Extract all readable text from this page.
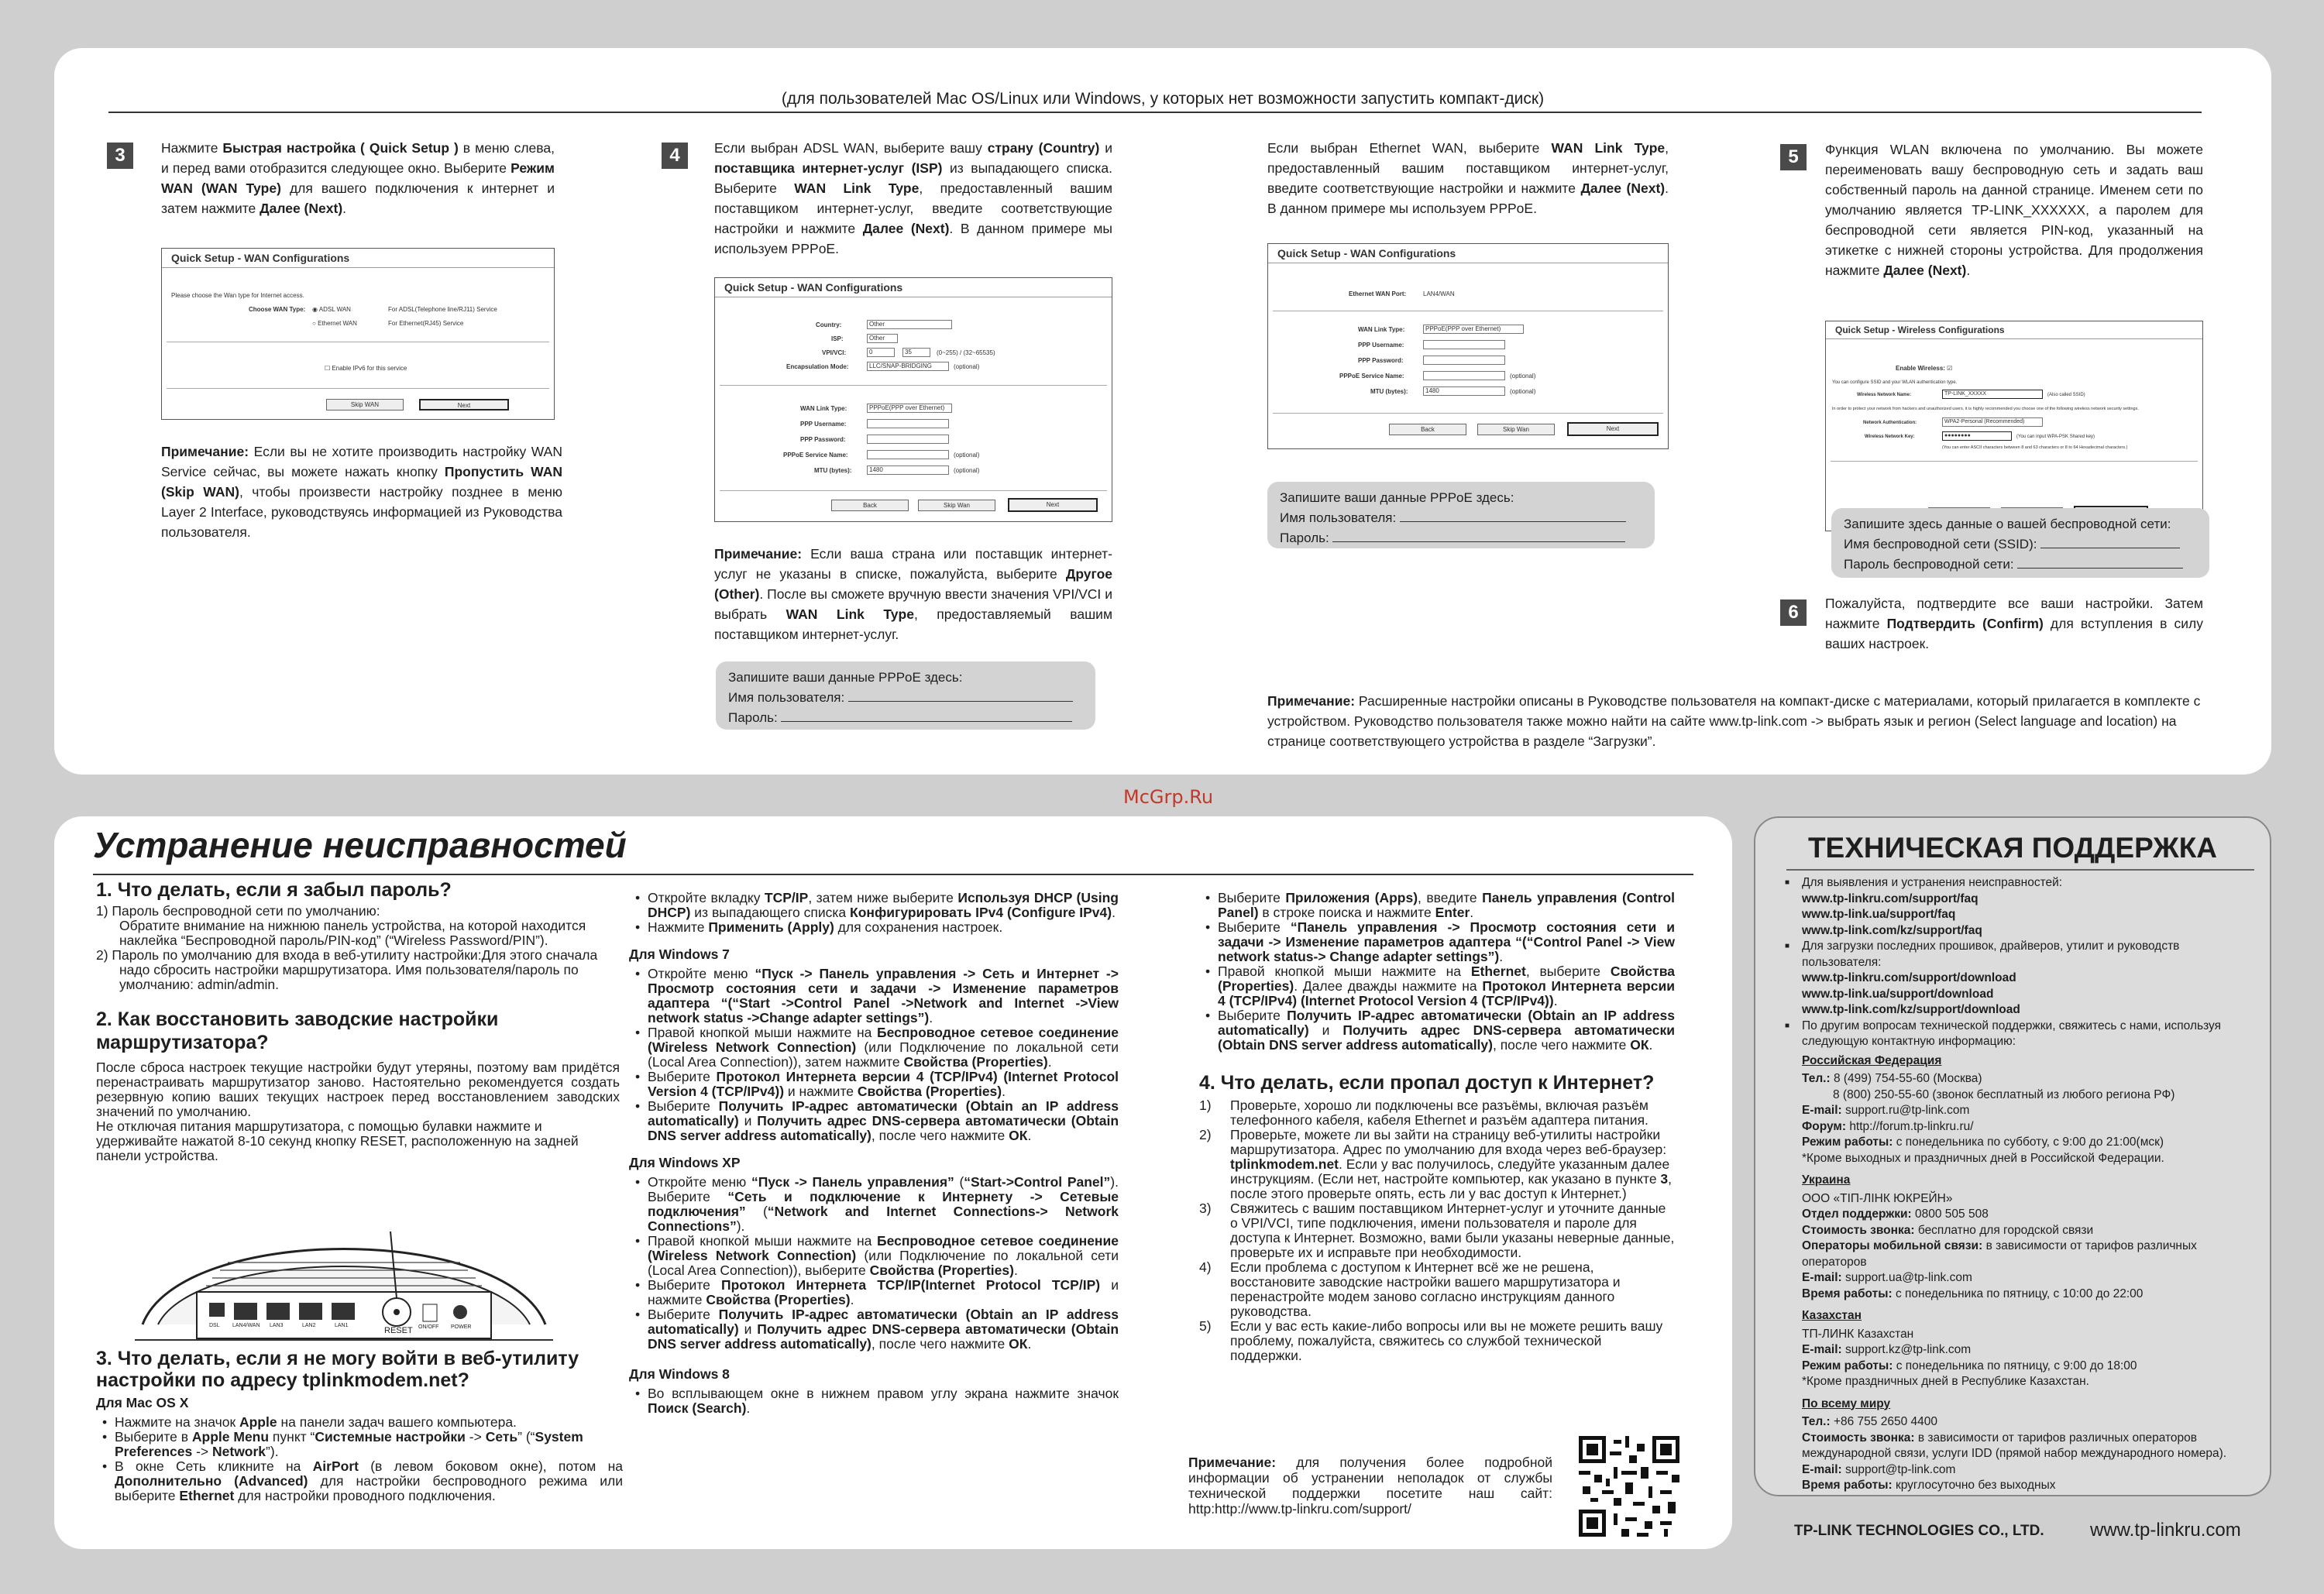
(для пользователей Mac OS/Linux или Windows, у которых нет возможности запустить компакт-диск)
3	Нажмите Быстрая настройка ( Quick Setup ) в меню слева, и перед вами отобразится следующее окно. Выберите Режим WAN (WAN Type) для вашего подключения к интернет и затем нажмите Далее (Next).
Quick Setup - WAN Configurations
Please choose the Wan type for Internet access.
Choose WAN Type: ◉ ADSL WAN	For ADSL(Telephone line/RJ11) Service
○ Ethernet WAN	For Ethernet(RJ45) Service
☐ Enable IPv6 for this service
Skip WAN	Next
Примечание: Если вы не хотите производить настройку WAN Service сейчас, вы можете нажать кнопку Пропустить WAN (Skip WAN), чтобы произвести настройку позднее в меню Layer 2 Interface, руководствуясь информацией из Руководства пользователя.
4	Если выбран ADSL WAN, выберите вашу страну (Country) и поставщика интернет-услуг (ISP) из выпадающего списка. Выберите WAN Link Type, предоставленный вашим поставщиком интернет-услуг, введите соответствующие настройки и нажмите Далее (Next). В данном примере мы используем PPPoE.
Quick Setup - WAN Configurations
Country:	Other
ISP:	Other
VPI/VCI:	0	35	(0~255) / (32~65535)
Encapsulation Mode:	LLC/SNAP-BRIDGING	(optional)
WAN Link Type:	PPPoE(PPP over Ethernet)
PPP Username:
PPP Password:
PPPoE Service Name:	(optional)
MTU (bytes):	1480	(optional)
Back	Skip Wan	Next
Примечание: Если ваша страна или поставщик интернет-услуг не указаны в списке, пожалуйста, выберите Другое (Other). После вы сможете вручную ввести значения VPI/VCI и выбрать WAN Link Type, предоставляемый вашим поставщиком интернет-услуг.
Запишите ваши данные PPPoE здесь:
Имя пользователя:
Пароль:
Если выбран Ethernet WAN, выберите WAN Link Type, предоставленный вашим поставщиком интернет-услуг, введите соответствующие настройки и нажмите Далее (Next). В данном примере мы используем PPPoE.
Quick Setup - WAN Configurations
Ethernet WAN Port:	LAN4/WAN
WAN Link Type:	PPPoE(PPP over Ethernet)
PPP Username:
PPP Password:
PPPoE Service Name:	(optional)
MTU (bytes):	1480	(optional)
Back	Skip Wan	Next
Запишите ваши данные PPPoE здесь:
Имя пользователя:
Пароль:
5	Функция WLAN включена по умолчанию. Вы можете переименовать вашу беспроводную сеть и задать ваш собственный пароль на данной странице. Именем сети по умолчанию является TP-LINK_XXXXXX, а паролем для беспроводной сети является PIN-код, указанный на этикетке с нижней стороны устройства. Для продолжения нажмите Далее (Next).
Quick Setup - Wireless Configurations
Enable Wireless: ☑
You can configure SSID and your WLAN authentication type.
Wireless Network Name:	TP-LINK_XXXXX	(Also called SSID)
In order to protect your network from hackers and unauthorized users, it is highly recommended you choose one of the following wireless network security settings.
Network Authentication:	WPA2-Personal (Recommended)
Wireless Network Key:	●●●●●●●●	(You can input WPA-PSK Shared key)
(You can enter ASCII characters between 8 and 63 characters or 8 to 64 Hexadecimal characters.)
Запишите здесь данные о вашей беспроводной сети:
Имя беспроводной сети (SSID):
Пароль беспроводной сети:
6	Пожалуйста, подтвердите все ваши настройки. Затем нажмите Подтвердить (Confirm) для вступления в силу ваших настроек.
Примечание: Расширенные настройки описаны в Руководстве пользователя на компакт-диске с материалами, который прилагается в комплекте с устройством. Руководство пользователя также можно найти на сайте www.tp-link.com -> выбрать язык и регион (Select language and location) на странице соответствующего устройства в разделе “Загрузки”.
McGrp.Ru
Устранение неисправностей
1. Что делать, если я забыл пароль?
1) Пароль беспроводной сети по умолчанию:
Обратите внимание на нижнюю панель устройства, на которой находится наклейка “Беспроводной пароль/PIN-код” (“Wireless Password/PIN”).
2) Пароль по умолчанию для входа в веб-утилиту настройки:Для этого сначала надо сбросить настройки маршрутизатора. Имя пользователя/пароль по умолчанию: admin/admin.
2. Как восстановить заводские настройки маршрутизатора?
После сброса настроек текущие настройки будут утеряны, поэтому вам придётся перенастраивать маршрутизатор заново. Настоятельно рекомендуется создать резервную копию ваших текущих настроек перед восстановлением заводских значений по умолчанию.
Не отключая питания маршрутизатора, с помощью булавки нажмите и удерживайте нажатой 8-10 секунд кнопку RESET, расположенную на задней панели устройства.
DSL LAN4/WAN LAN3	LAN2	LAN1
RESET ON/OFF POWER
3. Что делать, если я не могу войти в веб-утилиту настройки по адресу tplinkmodem.net?
Для Mac OS X
• Нажмите на значок Apple на панели задач вашего компьютера.
• Выберите в Apple Menu пункт “Системные настройки -> Сеть” (“System Preferences -> Network”).
• В окне Сеть кликните на AirPort (в левом боковом окне), потом на Дополнительно (Advanced) для настройки беспроводного режима или выберите Ethernet для настройки проводного подключения.
• Откройте вкладку TCP/IP, затем ниже выберите Используя DHCP (Using DHCP) из выпадающего списка Конфигурировать IPv4 (Configure IPv4).
• Нажмите Применить (Apply) для сохранения настроек.
Для Windows 7
• Откройте меню “Пуск -> Панель управления -> Сеть и Интернет -> Просмотр состояния сети и задачи -> Изменение параметров адаптера “(“Start ->Control Panel ->Network and Internet ->View network status ->Change adapter settings”).
• Правой кнопкой мыши нажмите на Беспроводное сетевое соединение (Wireless Network Connection) (или Подключение по локальной сети (Local Area Connection)), затем нажмите Свойства (Properties).
• Выберите Протокол Интернета версии 4 (TCP/IPv4) (Internet Protocol Version 4 (TCP/IPv4)) и нажмите Свойства (Properties).
• Выберите Получить IP-адрес автоматически (Obtain an IP address automatically) и Получить адрес DNS-сервера автоматически (Obtain DNS server address automatically), после чего нажмите ОК.
Для Windows XP
• Откройте меню “Пуск -> Панель управления” (“Start->Control Panel”). Выберите “Сеть и подключение к Интернету -> Сетевые подключения” (“Network and Internet Connections-> Network Connections”).
• Правой кнопкой мыши нажмите на Беспроводное сетевое соединение (Wireless Network Connection) (или Подключение по локальной сети (Local Area Connection)), выберите Свойства (Properties).
• Выберите Протокол Интернета TCP/IP(Internet Protocol TCP/IP) и нажмите Свойства (Properties).
• Выберите Получить IP-адрес автоматически (Obtain an IP address automatically) и Получить адрес DNS-сервера автоматически (Obtain DNS server address automatically), после чего нажмите ОК.
Для Windows 8
• Во всплывающем окне в нижнем правом углу экрана нажмите значок Поиск (Search).
• Выберите Приложения (Apps), введите Панель управления (Control Panel) в строке поиска и нажмите Enter.
• Выберите “Панель управления -> Просмотр состояния сети и задачи -> Изменение параметров адаптера “(“Control Panel -> View network status-> Change adapter settings”).
• Правой кнопкой мыши нажмите на Ethernet, выберите Свойства (Properties). Далее дважды нажмите на Протокол Интернета версии 4 (TCP/IPv4) (Internet Protocol Version 4 (TCP/IPv4)).
• Выберите Получить IP-адрес автоматически (Obtain an IP address automatically) и Получить адрес DNS-сервера автоматически (Obtain DNS server address automatically), после чего нажмите ОК.
4. Что делать, если пропал доступ к Интернет?
1) Проверьте, хорошо ли подключены все разъёмы, включая разъём телефонного кабеля, кабеля Ethernet и разъём адаптера питания.
2) Проверьте, можете ли вы зайти на страницу веб-утилиты настройки маршрутизатора. Адрес по умолчанию для входа через веб-браузер: tplinkmodem.net. Если у вас получилось, следуйте указанным далее инструкциям. (Если нет, настройте компьютер, как указано в пункте 3, после этого проверьте опять, есть ли у вас доступ к Интернет.)
3) Свяжитесь с вашим поставщиком Интернет-услуг и уточните данные о VPI/VCI, типе подключения, имени пользователя и пароле для доступа к Интернет. Возможно, вами были указаны неверные данные, проверьте их и исправьте при необходимости.
4) Если проблема с доступом к Интернет всё же не решена, восстановите заводские настройки вашего маршрутизатора и перенастройте модем заново согласно инструкциям данного руководства.
5) Если у вас есть какие-либо вопросы или вы не можете решить вашу проблему, пожалуйста, свяжитесь со службой технической поддержки.
Примечание: для получения более подробной информации об устранении неполадок от службы технической поддержки посетите наш сайт: http:http://www.tp-linkru.com/support/
ТЕХНИЧЕСКАЯ ПОДДЕРЖКА
■ Для выявления и устранения неисправностей:
www.tp-linkru.com/support/faq
www.tp-link.ua/support/faq
www.tp-link.com/kz/support/faq
■ Для загрузки последних прошивок, драйверов, утилит и руководств пользователя:
www.tp-linkru.com/support/download
www.tp-link.ua/support/download
www.tp-link.com/kz/support/download
■ По другим вопросам технической поддержки, свяжитесь с нами, используя следующую контактную информацию:
Российская Федерация
Тел.: 8 (499) 754-55-60 (Москва)
8 (800) 250-55-60 (звонок бесплатный из любого региона РФ)
E-mail: support.ru@tp-link.com
Форум: http://forum.tp-linkru.ru/
Режим работы: с понедельника по субботу, с 9:00 до 21:00(мск)
*Кроме выходных и праздничных дней в Российской Федерации.
Украина
ООО «ТІП-ЛІНК ЮКРЕЙН»
Отдел поддержки: 0800 505 508
Стоимость звонка: бесплатно для городской связи
Операторы мобильной связи: в зависимости от тарифов различных операторов
E-mail: support.ua@tp-link.com
Время работы: с понедельника по пятницу, с 10:00 до 22:00
Казахстан
ТП-ЛИНК Казахстан
E-mail: support.kz@tp-link.com
Режим работы: с понедельника по пятницу, с 9:00 до 18:00
*Кроме праздничных дней в Республике Казахстан.
По всему миру
Тел.: +86 755 2650 4400
Стоимость звонка: в зависимости от тарифов различных операторов международной связи, услуги IDD (прямой набор международного номера).
E-mail: support@tp-link.com
Время работы: круглосуточно без выходных
TP-LINK TECHNOLOGIES CO., LTD. www.tp-linkru.com
